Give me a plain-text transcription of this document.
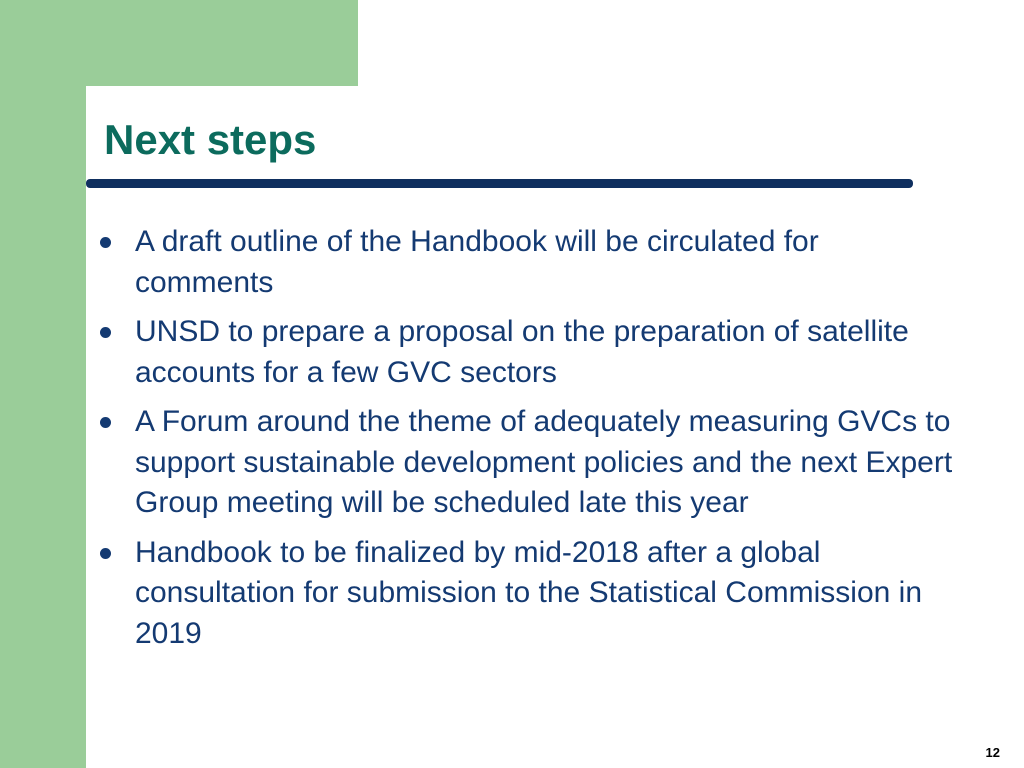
Next steps
A draft outline of the Handbook will be circulated for comments
UNSD to prepare a proposal on the preparation of satellite accounts for a few GVC sectors
A Forum around the theme of adequately measuring GVCs to support sustainable development policies and the next Expert Group meeting will be scheduled late this year
Handbook to be finalized by mid-2018 after a global consultation for submission to the Statistical Commission in 2019
12
